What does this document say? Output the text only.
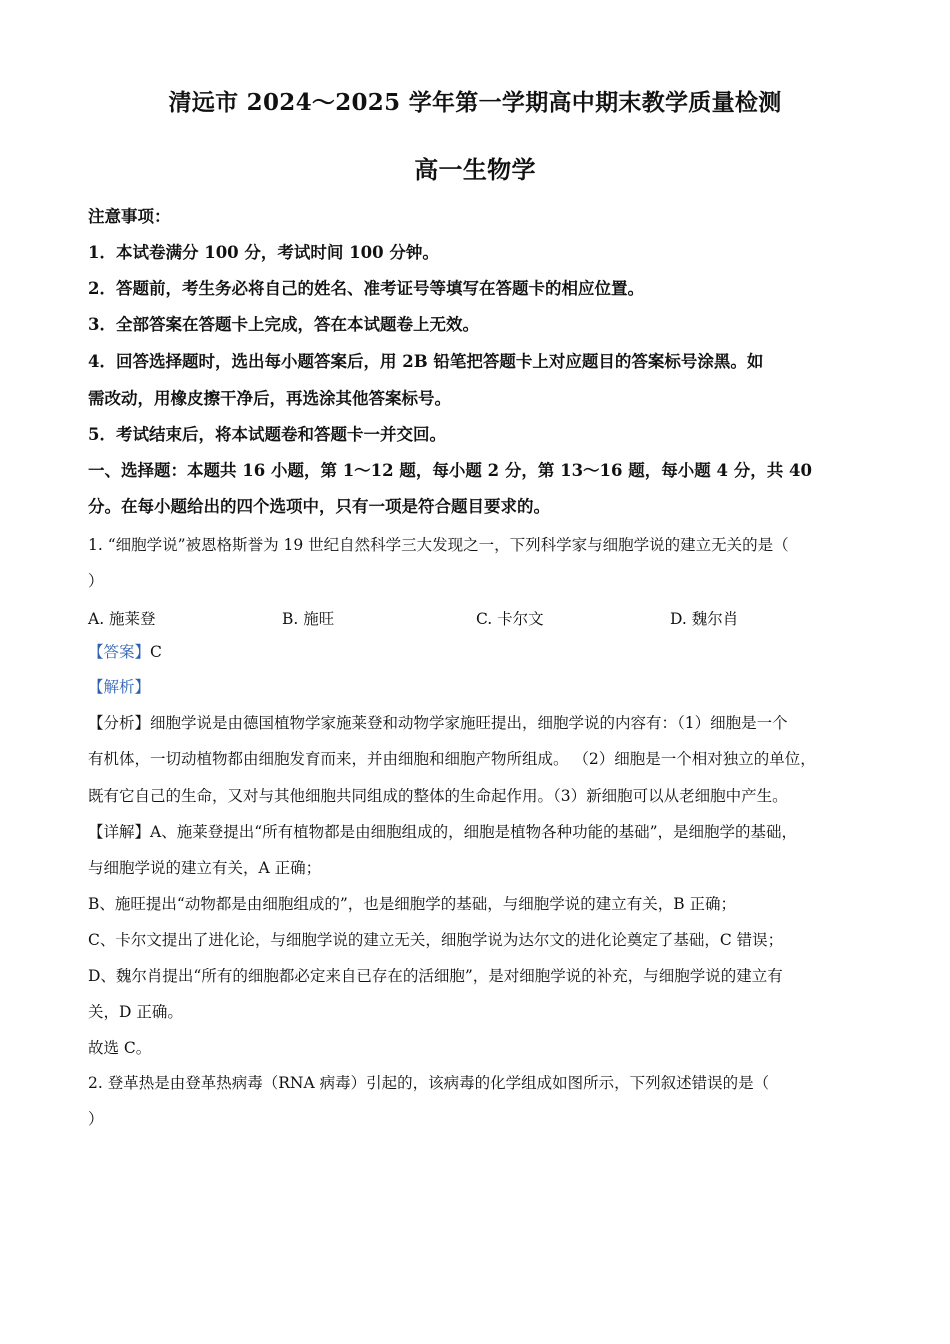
清远市 2024～2025 学年第一学期高中期末教学质量检测
高一生物学
注意事项：
1．本试卷满分 100 分，考试时间 100 分钟。
2．答题前，考生务必将自己的姓名、准考证号等填写在答题卡的相应位置。
3．全部答案在答题卡上完成，答在本试题卷上无效。
4．回答选择题时，选出每小题答案后，用 2B 铅笔把答题卡上对应题目的答案标号涂黑。如
需改动，用橡皮擦干净后，再选涂其他答案标号。
5．考试结束后，将本试题卷和答题卡一并交回。
一、选择题：本题共 16 小题，第 1～12 题，每小题 2 分，第 13～16 题，每小题 4 分，共 40
分。在每小题给出的四个选项中，只有一项是符合题目要求的。
1. “细胞学说”被恩格斯誉为 19 世纪自然科学三大发现之一，下列科学家与细胞学说的建立无关的是（
）
A. 施莱登	B. 施旺	C. 卡尔文	D. 魏尔肖
【答案】C
【解析】
【分析】细胞学说是由德国植物学家施莱登和动物学家施旺提出，细胞学说的内容有：（1）细胞是一个
有机体，一切动植物都由细胞发育而来，并由细胞和细胞产物所组成。 （2）细胞是一个相对独立的单位，
既有它自己的生命，又对与其他细胞共同组成的整体的生命起作用。（3）新细胞可以从老细胞中产生。
【详解】A、施莱登提出“所有植物都是由细胞组成的，细胞是植物各种功能的基础”，是细胞学的基础，
与细胞学说的建立有关，A 正确；
B、施旺提出“动物都是由细胞组成的”，也是细胞学的基础，与细胞学说的建立有关，B 正确；
C、卡尔文提出了进化论，与细胞学说的建立无关，细胞学说为达尔文的进化论奠定了基础，C 错误；
D、魏尔肖提出“所有的细胞都必定来自已存在的活细胞”，是对细胞学说的补充，与细胞学说的建立有
关，D 正确。
故选 C。
2. 登革热是由登革热病毒（RNA 病毒）引起的，该病毒的化学组成如图所示，下列叙述错误的是（
）
